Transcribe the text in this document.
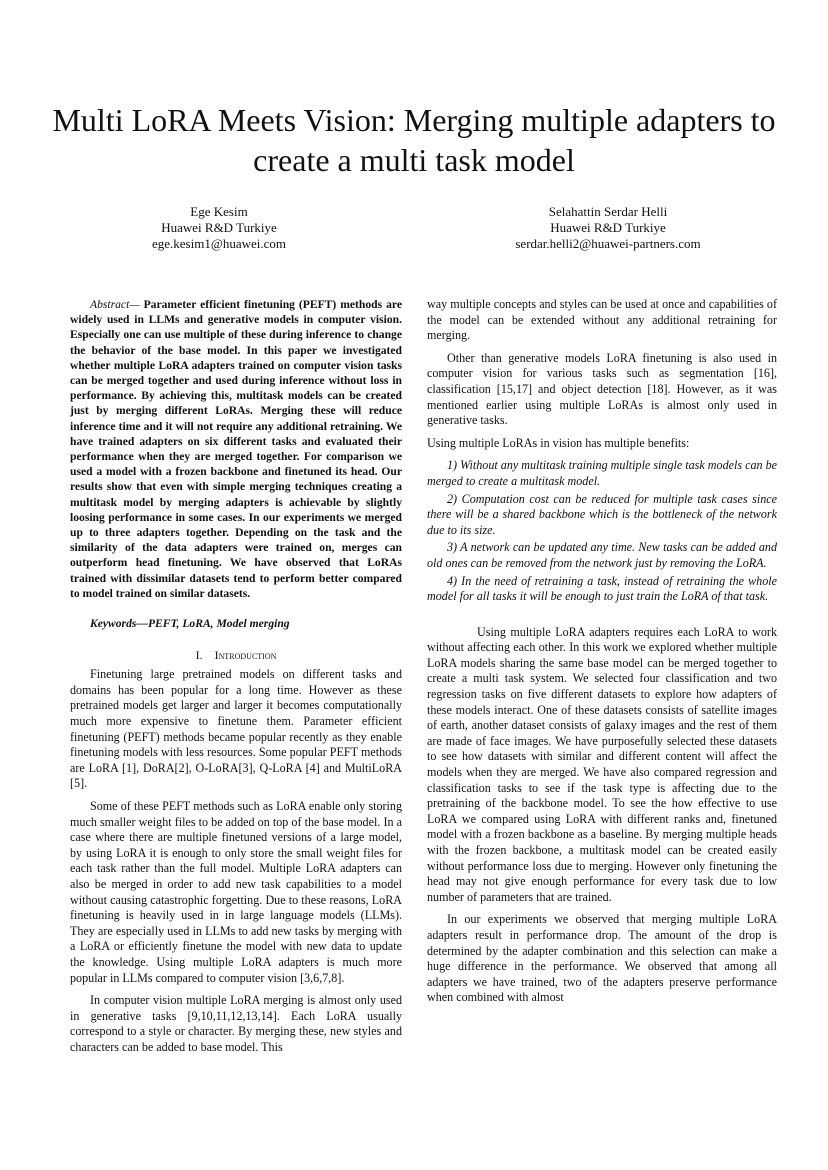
Multi LoRA Meets Vision: Merging multiple adapters to create a multi task model
Ege Kesim
Huawei R&D Turkiye
ege.kesim1@huawei.com
Selahattin Serdar Helli
Huawei R&D Turkiye
serdar.helli2@huawei-partners.com

Abstract— Parameter efficient finetuning (PEFT) methods are widely used in LLMs and generative models in computer vision. Especially one can use multiple of these during inference to change the behavior of the base model. In this paper we investigated whether multiple LoRA adapters trained on computer vision tasks can be merged together and used during inference without loss in performance. By achieving this, multitask models can be created just by merging different LoRAs. Merging these will reduce inference time and it will not require any additional retraining. We have trained adapters on six different tasks and evaluated their performance when they are merged together. For comparison we used a model with a frozen backbone and finetuned its head. Our results show that even with simple merging techniques creating a multitask model by merging adapters is achievable by slightly loosing performance in some cases. In our experiments we merged up to three adapters together. Depending on the task and the similarity of the data adapters were trained on, merges can outperform head finetuning. We have observed that LoRAs trained with dissimilar datasets tend to perform better compared to model trained on similar datasets.

Keywords—PEFT, LoRA, Model merging

I. Introduction

Finetuning large pretrained models on different tasks and domains has been popular for a long time. However as these pretrained models get larger and larger it becomes computationally much more expensive to finetune them. Parameter efficient finetuning (PEFT) methods became popular recently as they enable finetuning models with less resources. Some popular PEFT methods are LoRA [1], DoRA[2], O-LoRA[3], Q-LoRA [4] and MultiLoRA [5].

Some of these PEFT methods such as LoRA enable only storing much smaller weight files to be added on top of the base model. In a case where there are multiple finetuned versions of a large model, by using LoRA it is enough to only store the small weight files for each task rather than the full model. Multiple LoRA adapters can also be merged in order to add new task capabilities to a model without causing catastrophic forgetting. Due to these reasons, LoRA finetuning is heavily used in in large language models (LLMs). They are especially used in LLMs to add new tasks by merging with a LoRA or efficiently finetune the model with new data to update the knowledge. Using multiple LoRA adapters is much more popular in LLMs compared to computer vision [3,6,7,8].

In computer vision multiple LoRA merging is almost only used in generative tasks [9,10,11,12,13,14]. Each LoRA usually correspond to a style or character. By merging these, new styles and characters can be added to base model. This

way multiple concepts and styles can be used at once and capabilities of the model can be extended without any additional retraining for merging.

Other than generative models LoRA finetuning is also used in computer vision for various tasks such as segmentation [16], classification [15,17] and object detection [18]. However, as it was mentioned earlier using multiple LoRAs is almost only used in generative tasks.

Using multiple LoRAs in vision has multiple benefits:

1) Without any multitask training multiple single task models can be merged to create a multitask model.

2) Computation cost can be reduced for multiple task cases since there will be a shared backbone which is the bottleneck of the network due to its size.

3) A network can be updated any time. New tasks can be added and old ones can be removed from the network just by removing the LoRA.

4) In the need of retraining a task, instead of retraining the whole model for all tasks it will be enough to just train the LoRA of that task.

Using multiple LoRA adapters requires each LoRA to work without affecting each other. In this work we explored whether multiple LoRA models sharing the same base model can be merged together to create a multi task system. We selected four classification and two regression tasks on five different datasets to explore how adapters of these models interact. One of these datasets consists of satellite images of earth, another dataset consists of galaxy images and the rest of them are made of face images. We have purposefully selected these datasets to see how datasets with similar and different content will affect the models when they are merged. We have also compared regression and classification tasks to see if the task type is affecting due to the pretraining of the backbone model. To see the how effective to use LoRA we compared using LoRA with different ranks and, finetuned model with a frozen backbone as a baseline. By merging multiple heads with the frozen backbone, a multitask model can be created easily without performance loss due to merging. However only finetuning the head may not give enough performance for every task due to low number of parameters that are trained.

In our experiments we observed that merging multiple LoRA adapters result in performance drop. The amount of the drop is determined by the adapter combination and this selection can make a huge difference in the performance. We observed that among all adapters we have trained, two of the adapters preserve performance when combined with almost
